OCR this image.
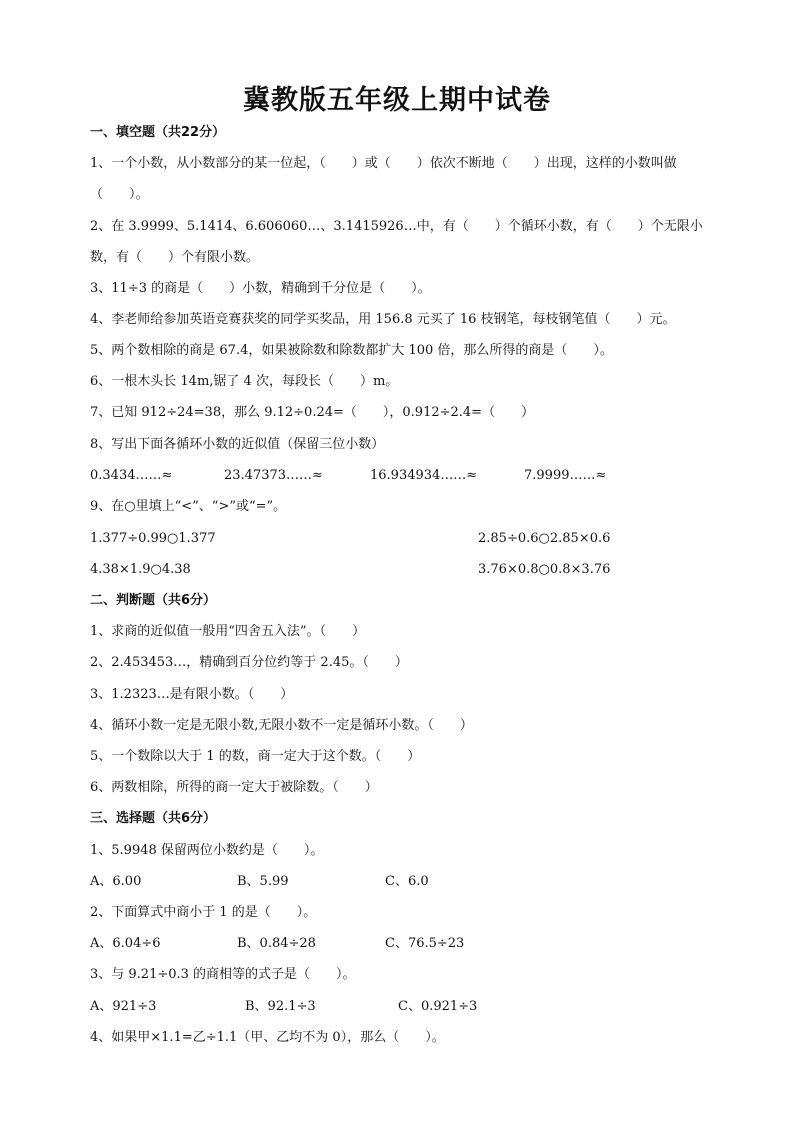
冀教版五年级上期中试卷
一、填空题（共22分）
1、一个小数，从小数部分的某一位起，（　　）或（　　）依次不断地（　　）出现，这样的小数叫做
（　　）。
2、在 3.9999、5.1414、6.606060…、3.1415926…中，有（　　）个循环小数，有（　　）个无限小
数，有（　　）个有限小数。
3、11÷3 的商是（　　）小数，精确到千分位是（　　）。
4、李老师给参加英语竞赛获奖的同学买奖品，用 156.8 元买了 16 枝钢笔，每枝钢笔值（　　）元。
5、两个数相除的商是 67.4，如果被除数和除数都扩大 100 倍，那么所得的商是（　　）。
6、一根木头长 14m,锯了 4 次，每段长（　　）m。
7、已知 912÷24=38，那么 9.12÷0.24=（　　），0.912÷2.4=（　　）
8、写出下面各循环小数的近似值（保留三位小数）
0.3434……≈	23.47373……≈	16.934934……≈	7.9999……≈
9、在○里填上“<”、“>”或“=”。
1.377÷0.99○1.377	2.85÷0.6○2.85×0.6
4.38×1.9○4.38	3.76×0.8○0.8×3.76
二、判断题（共6分）
1、求商的近似值一般用“四舍五入法”。（　　）
2、2.453453…，精确到百分位约等于 2.45。（　　）
3、1.2323…是有限小数。（　　）
4、循环小数一定是无限小数,无限小数不一定是循环小数。（　　）
5、一个数除以大于 1 的数，商一定大于这个数。（　　）
6、两数相除，所得的商一定大于被除数。（　　）
三、选择题（共6分）
1、5.9948 保留两位小数约是（　　）。
A、6.00	B、5.99	C、6.0
2、下面算式中商小于 1 的是（　　）。
A、6.04÷6	B、0.84÷28	C、76.5÷23
3、与 9.21÷0.3 的商相等的式子是（　　）。
A、921÷3	B、92.1÷3	C、0.921÷3
4、如果甲×1.1=乙÷1.1（甲、乙均不为 0），那么（　　）。
